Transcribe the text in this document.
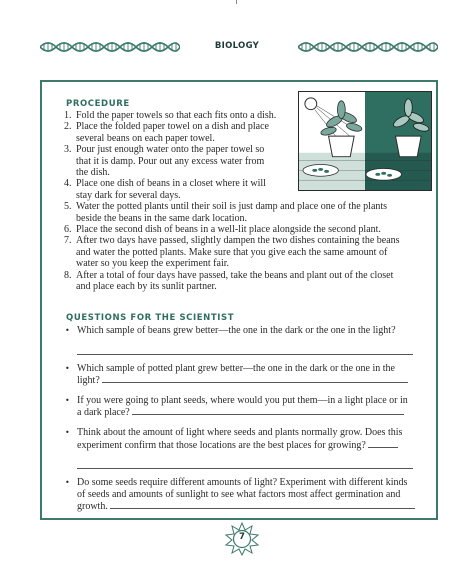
BIOLOGY
PROCEDURE
1. Fold the paper towels so that each fits onto a dish.
2. Place the folded paper towel on a dish and place
several beans on each paper towel.
3. Pour just enough water onto the paper towel so
that it is damp. Pour out any excess water from
the dish.
4. Place one dish of beans in a closet where it will
stay dark for several days.
5. Water the potted plants until their soil is just damp and place one of the plants
beside the beans in the same dark location.
6. Place the second dish of beans in a well-lit place alongside the second plant.
7. After two days have passed, slightly dampen the two dishes containing the beans
and water the potted plants. Make sure that you give each the same amount of
water so you keep the experiment fair.
8. After a total of four days have passed, take the beans and plant out of the closet
and place each by its sunlit partner.
QUESTIONS FOR THE SCIENTIST
• Which sample of beans grew better—the one in the dark or the one in the light?
• Which sample of potted plant grew better—the one in the dark or the one in the
light?
• If you were going to plant seeds, where would you put them—in a light place or in
a dark place?
• Think about the amount of light where seeds and plants normally grow. Does this
experiment confirm that those locations are the best places for growing?
• Do some seeds require different amounts of light? Experiment with different kinds
of seeds and amounts of sunlight to see what factors most affect germination and
growth.
7
